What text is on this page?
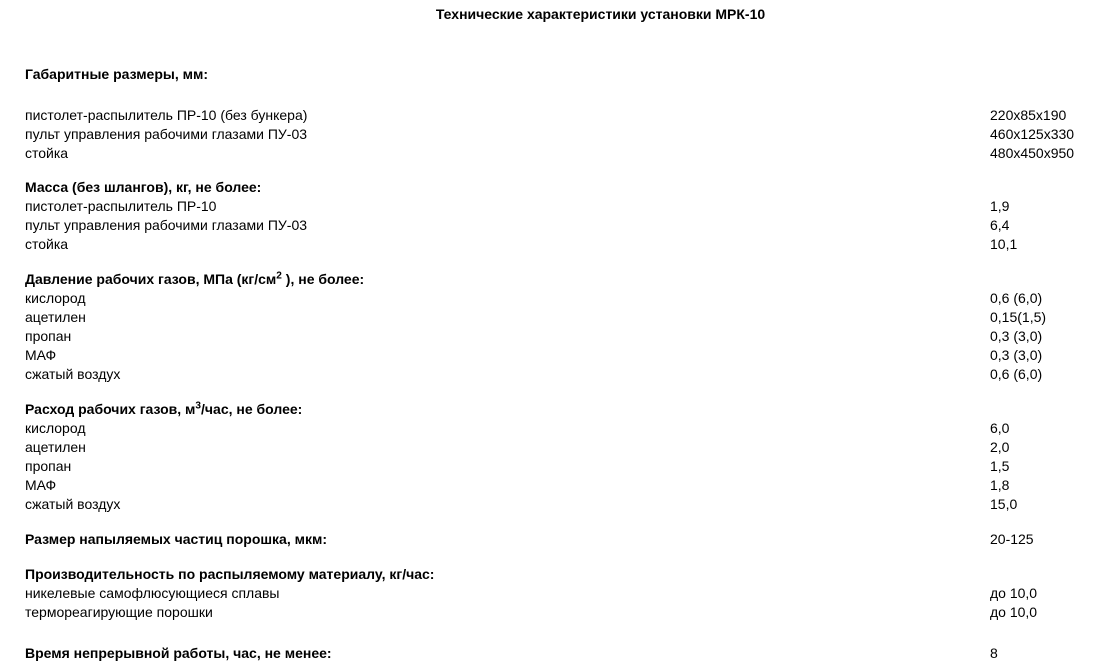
Технические характеристики установки МРК-10
Габаритные размеры, мм:
пистолет-распылитель ПР-10 (без бункера)	220x85x190
пульт управления рабочими глазами ПУ-03	460x125x330
стойка	480x450x950
Масса (без шлангов), кг, не более:
пистолет-распылитель ПР-10	1,9
пульт управления рабочими глазами ПУ-03	6,4
стойка	10,1
Давление рабочих газов, МПа ($кг/см^2$ ), не более:
кислород	0,6 (6,0)
ацетилен	0,15(1,5)
пропан	0,3 (3,0)
МАФ	0,3 (3,0)
сжатый воздух	0,6 (6,0)
Расход рабочих газов, $м^3$/час, не более:
кислород	6,0
ацетилен	2,0
пропан	1,5
МАФ	1,8
сжатый воздух	15,0
Размер напыляемых частиц порошка, мкм:	20-125
Производительность по распыляемому материалу, кг/час:
никелевые самофлюсующиеся сплавы	до 10,0
термореагирующие порошки	до 10,0
Время непрерывной работы, час, не менее:	8
